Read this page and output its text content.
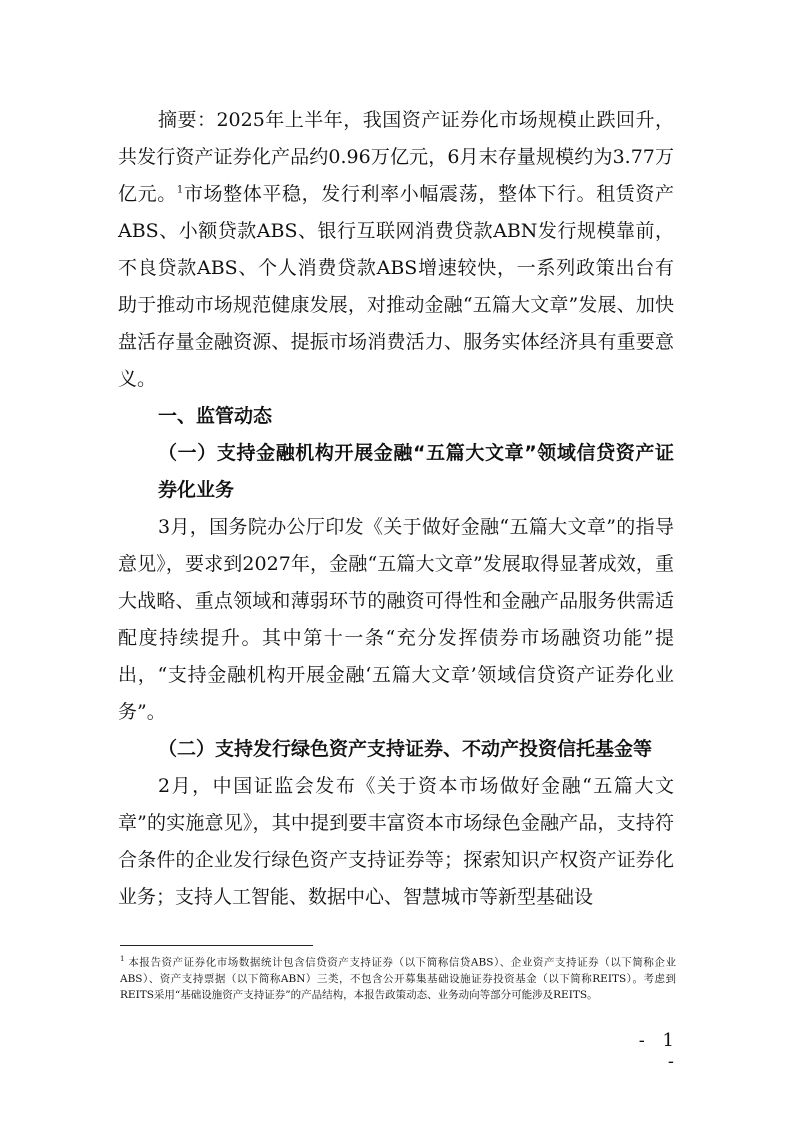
摘要：2025年上半年，我国资产证券化市场规模止跌回升，共发行资产证券化产品约0.96万亿元，6月末存量规模约为3.77万亿元。$^1$市场整体平稳，发行利率小幅震荡，整体下行。租赁资产ABS、小额贷款ABS、银行互联网消费贷款ABN发行规模靠前，不良贷款ABS、个人消费贷款ABS增速较快，一系列政策出台有助于推动市场规范健康发展，对推动金融“五篇大文章”发展、加快盘活存量金融资源、提振市场消费活力、服务实体经济具有重要意义。

一、监管动态

（一）支持金融机构开展金融“五篇大文章”领域信贷资产证券化业务

3月，国务院办公厅印发《关于做好金融“五篇大文章”的指导意见》，要求到2027年，金融“五篇大文章”发展取得显著成效，重大战略、重点领域和薄弱环节的融资可得性和金融产品服务供需适配度持续提升。其中第十一条“充分发挥债券市场融资功能”提出，“支持金融机构开展金融‘五篇大文章’领域信贷资产证券化业务”。

（二）支持发行绿色资产支持证券、不动产投资信托基金等

2月，中国证监会发布《关于资本市场做好金融“五篇大文章”的实施意见》，其中提到要丰富资本市场绿色金融产品，支持符合条件的企业发行绿色资产支持证券等；探索知识产权资产证券化业务；支持人工智能、数据中心、智慧城市等新型基础设

$^1$ 本报告资产证券化市场数据统计包含信贷资产支持证券（以下简称信贷ABS）、企业资产支持证券（以下简称企业ABS）、资产支持票据（以下简称ABN）三类，不包含公开募集基础设施证券投资基金（以下简称REITS）。考虑到REITS采用“基础设施资产支持证券”的产品结构，本报告政策动态、业务动向等部分可能涉及REITS。
- 1 -
